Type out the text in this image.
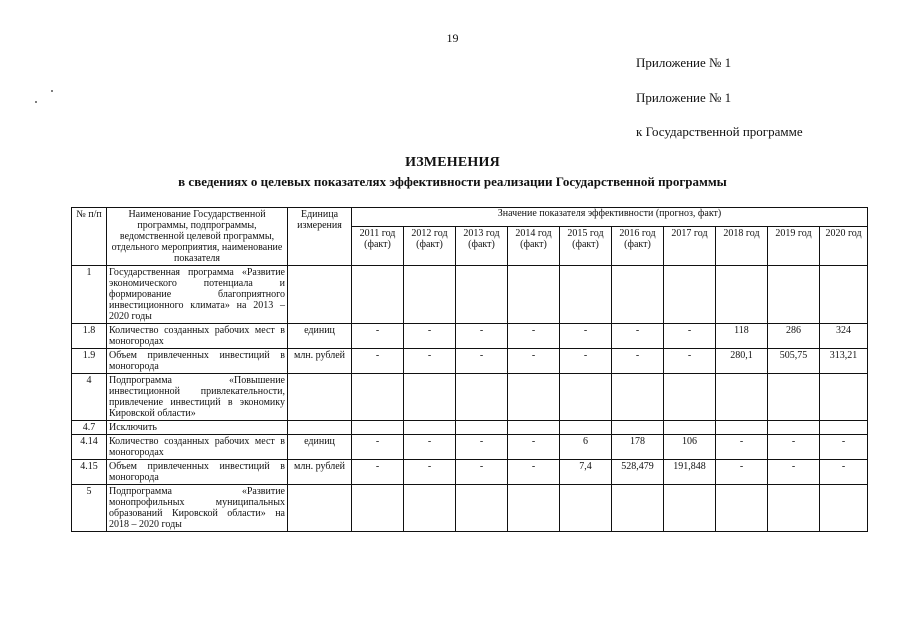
19
Приложение № 1
Приложение № 1
к Государственной программе
ИЗМЕНЕНИЯ
в сведениях о целевых показателях эффективности реализации Государственной программы
№ п/п	Наименование Государственной программы, подпрограммы, ведомственной целевой программы, отдельного мероприятия, наименование показателя	Единица измерения	Значение показателя эффективности (прогноз, факт)									
			2011 год (факт)	2012 год (факт)	2013 год (факт)	2014 год (факт)	2015 год (факт)	2016 год (факт)	2017 год	2018 год	2019 год	2020 год
1	Государственная программа «Развитие экономического потенциала и формирование благоприятного инвестиционного климата» на 2013 – 2020 годы											
1.8	Количество созданных рабочих мест в моногородах	единиц	-	-	-	-	-	-	-	118	286	324
1.9	Объем привлеченных инвестиций в моногорода	млн. рублей	-	-	-	-	-	-	-	280,1	505,75	313,21
4	Подпрограмма «Повышение инвестиционной привлекательности, привлечение инвестиций в экономику Кировской области»											
4.7	Исключить											
4.14	Количество созданных рабочих мест в моногородах	единиц	-	-	-	-	6	178	106	-	-	-
4.15	Объем привлеченных инвестиций в моногорода	млн. рублей	-	-	-	-	7,4	528,479	191,848	-	-	-
5	Подпрограмма «Развитие монопрофильных муниципальных образований Кировской области» на 2018 – 2020 годы											
